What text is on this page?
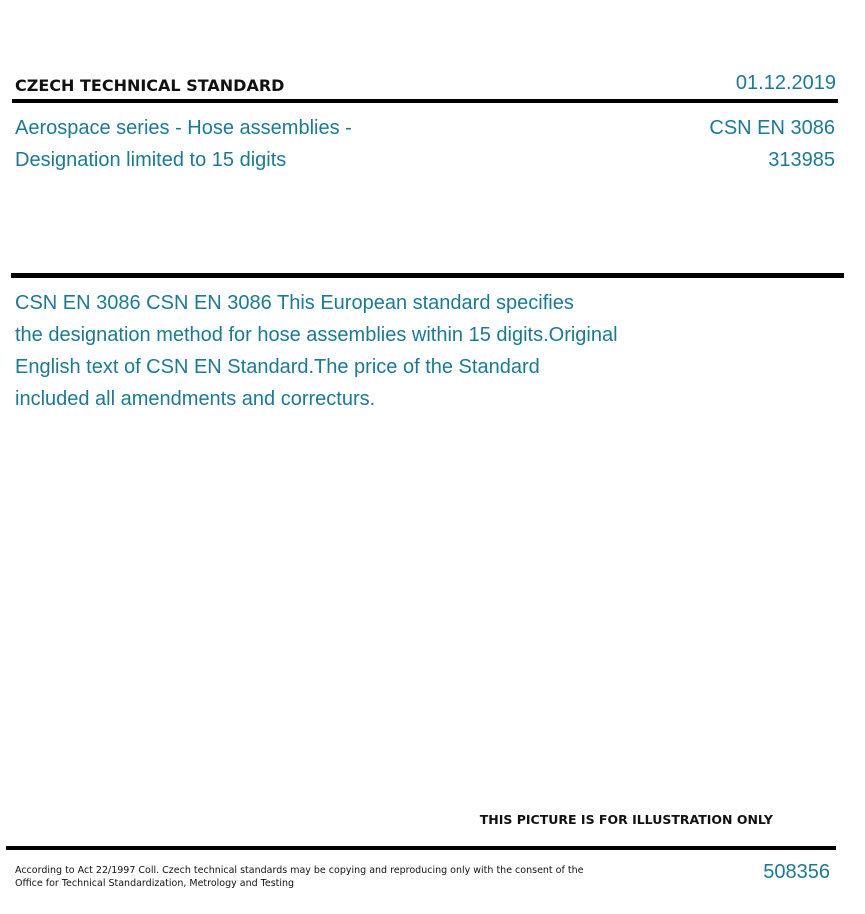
CZECH TECHNICAL STANDARD	01.12.2019
Aerospace series - Hose assemblies -
Designation limited to 15 digits
CSN EN 3086
313985
CSN EN 3086 CSN EN 3086 This European standard specifies
the designation method for hose assemblies within 15 digits.Original
English text of CSN EN Standard.The price of the Standard
included all amendments and correcturs.
THIS PICTURE IS FOR ILLUSTRATION ONLY
According to Act 22/1997 Coll. Czech technical standards may be copying and reproducing only with the consent of the Office for Technical Standardization, Metrology and Testing
508356
